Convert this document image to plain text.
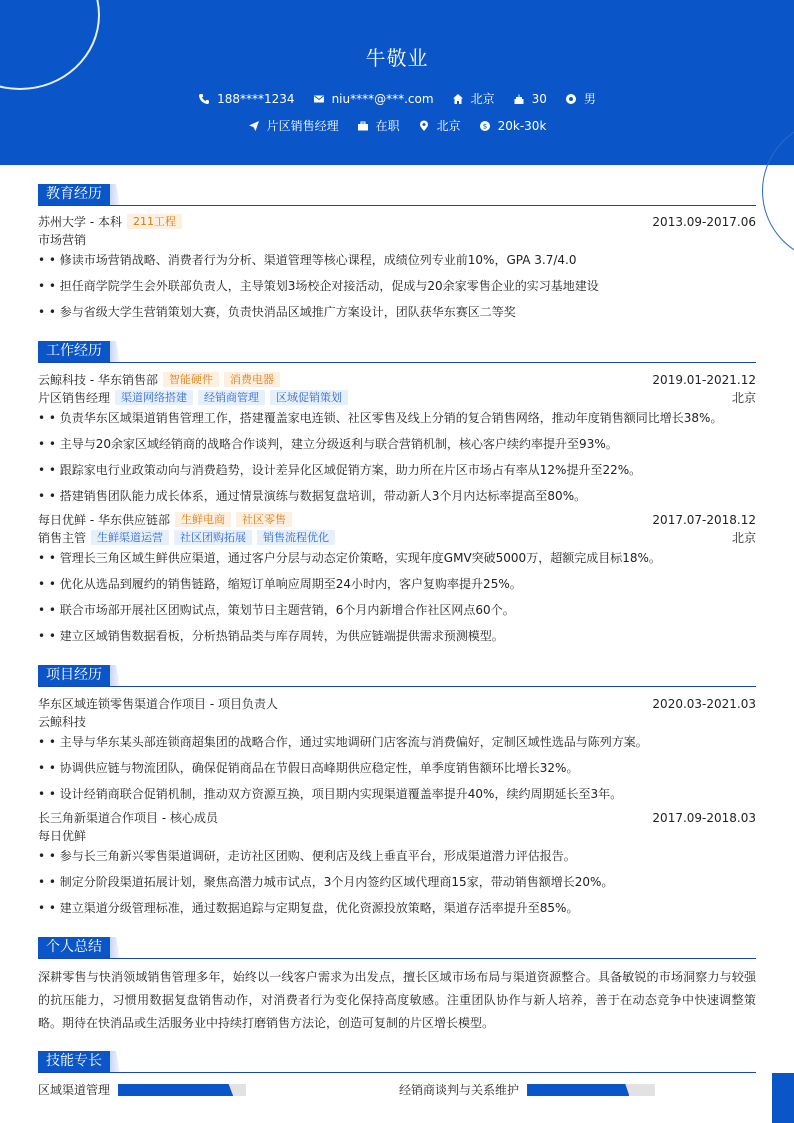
牛敬业
188****1234	niu****@***.com	北京	30	男
片区销售经理	在职	北京	$ 20k-30k
教育经历
苏州大学 - 本科 211工程	2013.09-2017.06
市场营销
• • 修读市场营销战略、消费者行为分析、渠道管理等核心课程，成绩位列专业前10%，GPA 3.7/4.0
• • 担任商学院学生会外联部负责人，主导策划3场校企对接活动，促成与20余家零售企业的实习基地建设
• • 参与省级大学生营销策划大赛，负责快消品区域推广方案设计，团队获华东赛区二等奖
工作经历
云鲸科技 - 华东销售部 智能硬件 消费电器	2019.01-2021.12
片区销售经理 渠道网络搭建 经销商管理 区域促销策划	北京
• • 负责华东区域渠道销售管理工作，搭建覆盖家电连锁、社区零售及线上分销的复合销售网络，推动年度销售额同比增长38%。
• • 主导与20余家区域经销商的战略合作谈判，建立分级返利与联合营销机制，核心客户续约率提升至93%。
• • 跟踪家电行业政策动向与消费趋势，设计差异化区域促销方案，助力所在片区市场占有率从12%提升至22%。
• • 搭建销售团队能力成长体系，通过情景演练与数据复盘培训，带动新人3个月内达标率提高至80%。
每日优鲜 - 华东供应链部 生鲜电商 社区零售	2017.07-2018.12
销售主管 生鲜渠道运营 社区团购拓展 销售流程优化	北京
• • 管理长三角区域生鲜供应渠道，通过客户分层与动态定价策略，实现年度GMV突破5000万，超额完成目标18%。
• • 优化从选品到履约的销售链路，缩短订单响应周期至24小时内，客户复购率提升25%。
• • 联合市场部开展社区团购试点，策划节日主题营销，6个月内新增合作社区网点60个。
• • 建立区域销售数据看板，分析热销品类与库存周转，为供应链端提供需求预测模型。
项目经历
华东区域连锁零售渠道合作项目 - 项目负责人	2020.03-2021.03
云鲸科技
• • 主导与华东某头部连锁商超集团的战略合作，通过实地调研门店客流与消费偏好，定制区域性选品与陈列方案。
• • 协调供应链与物流团队，确保促销商品在节假日高峰期供应稳定性，单季度销售额环比增长32%。
• • 设计经销商联合促销机制，推动双方资源互换，项目期内实现渠道覆盖率提升40%，续约周期延长至3年。
长三角新渠道合作项目 - 核心成员	2017.09-2018.03
每日优鲜
• • 参与长三角新兴零售渠道调研，走访社区团购、便利店及线上垂直平台，形成渠道潜力评估报告。
• • 制定分阶段渠道拓展计划，聚焦高潜力城市试点，3个月内签约区域代理商15家，带动销售额增长20%。
• • 建立渠道分级管理标准，通过数据追踪与定期复盘，优化资源投放策略，渠道存活率提升至85%。
个人总结
深耕零售与快消领域销售管理多年，始终以一线客户需求为出发点，擅长区域市场布局与渠道资源整合。具备敏锐的市场洞察力与较强的抗压能力，习惯用数据复盘销售动作，对消费者行为变化保持高度敏感。注重团队协作与新人培养，善于在动态竞争中快速调整策略。期待在快消品或生活服务业中持续打磨销售方法论，创造可复制的片区增长模型。
技能专长
区域渠道管理	经销商谈判与关系维护
